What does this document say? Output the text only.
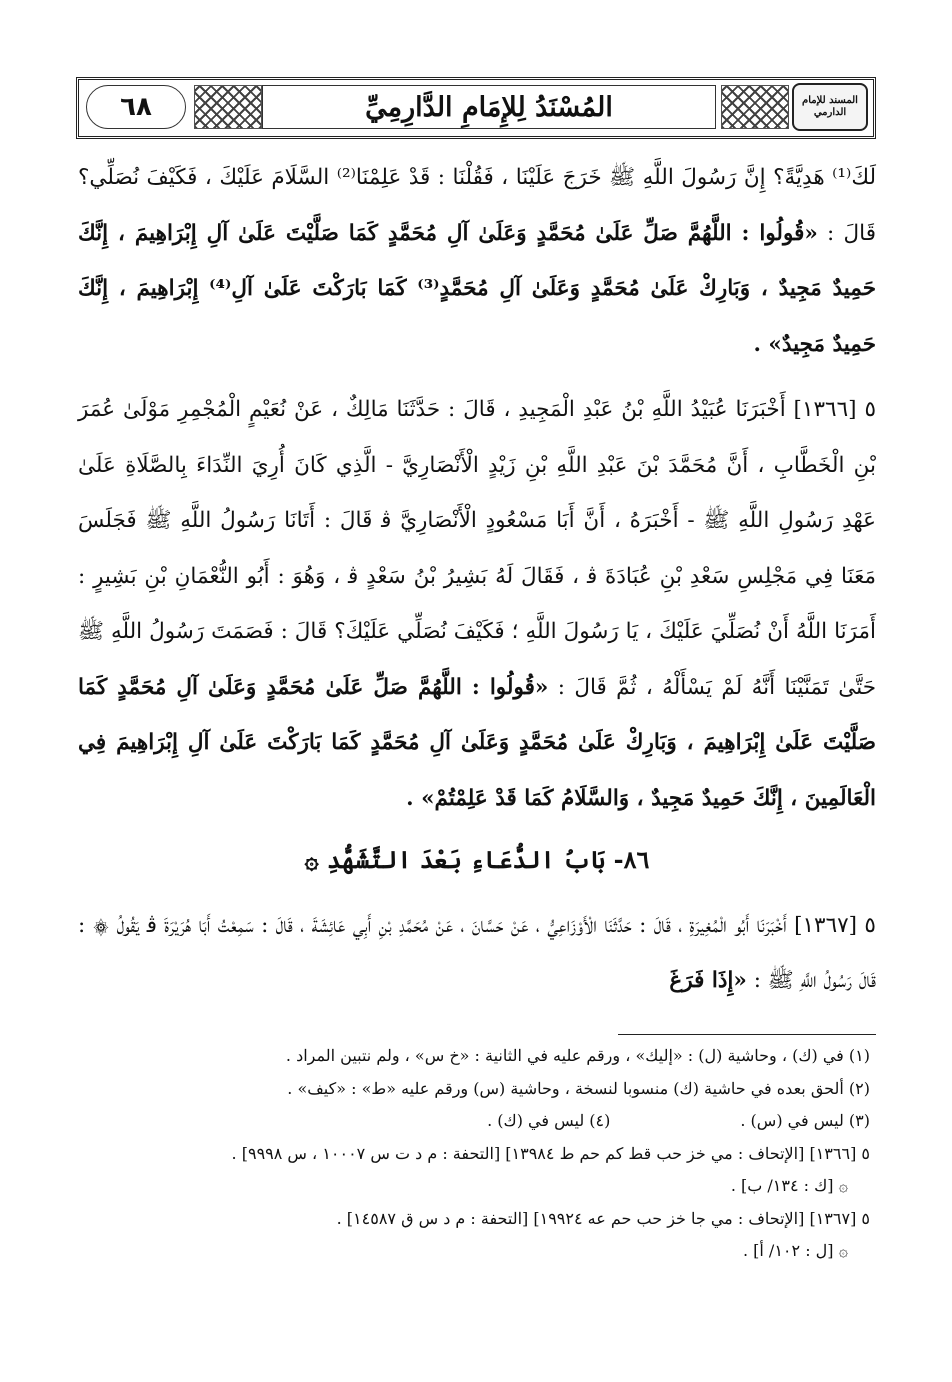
٦٨	المُسْنَدُ لِلإِمَامِ الدَّارِمِيِّ	المسند للإمام الدارمي

لَكَ⁽¹⁾ هَدِيَّةً؟ إِنَّ رَسُولَ اللَّهِ ﷺ خَرَجَ عَلَيْنَا ، فَقُلْنَا : قَدْ عَلِمْنَا⁽²⁾ السَّلَامَ عَلَيْكَ ، فَكَيْفَ نُصَلِّي؟ قَالَ : «قُولُوا : اللَّهُمَّ صَلِّ عَلَىٰ مُحَمَّدٍ وَعَلَىٰ آلِ مُحَمَّدٍ كَمَا صَلَّيْتَ عَلَىٰ آلِ إِبْرَاهِيمَ ، إِنَّكَ حَمِيدٌ مَجِيدٌ ، وَبَارِكْ عَلَىٰ مُحَمَّدٍ وَعَلَىٰ آلِ مُحَمَّدٍ⁽³⁾ كَمَا بَارَكْتَ عَلَىٰ آلِ⁽⁴⁾ إِبْرَاهِيمَ ، إِنَّكَ حَمِيدٌ مَجِيدٌ» .

٥ [١٣٦٦] أَخْبَرَنَا عُبَيْدُ اللَّهِ بْنُ عَبْدِ الْمَجِيدِ ، قَالَ : حَدَّثَنَا مَالِكٌ ، عَنْ نُعَيْمٍ الْمُجْمِرِ مَوْلَىٰ عُمَرَ بْنِ الْخَطَّابِ ، أَنَّ مُحَمَّدَ بْنَ عَبْدِ اللَّهِ بْنِ زَيْدٍ الْأَنْصَارِيَّ - الَّذِي كَانَ أُرِيَ النِّدَاءَ بِالصَّلَاةِ عَلَىٰ عَهْدِ رَسُولِ اللَّهِ ﷺ - أَخْبَرَهُ ، أَنَّ أَبَا مَسْعُودٍ الْأَنْصَارِيَّ ﭬ قَالَ : أَتَانَا رَسُولُ اللَّهِ ﷺ فَجَلَسَ مَعَنَا فِي مَجْلِسِ سَعْدِ بْنِ عُبَادَةَ ﭬ ، فَقَالَ لَهُ بَشِيرُ بْنُ سَعْدٍ ﭬ ، وَهُوَ : أَبُو النُّعْمَانِ بْنِ بَشِيرٍ : أَمَرَنَا اللَّهُ أَنْ نُصَلِّيَ عَلَيْكَ ، يَا رَسُولَ اللَّهِ ؛ فَكَيْفَ نُصَلِّي عَلَيْكَ؟ قَالَ : فَصَمَتَ رَسُولُ اللَّهِ ﷺ حَتَّىٰ تَمَنَّيْنَا أَنَّهُ لَمْ يَسْأَلْهُ ، ثُمَّ قَالَ : «قُولُوا : اللَّهُمَّ صَلِّ عَلَىٰ مُحَمَّدٍ وَعَلَىٰ آلِ مُحَمَّدٍ كَمَا صَلَّيْتَ عَلَىٰ إِبْرَاهِيمَ ، وَبَارِكْ عَلَىٰ مُحَمَّدٍ وَعَلَىٰ آلِ مُحَمَّدٍ كَمَا بَارَكْتَ عَلَىٰ آلِ إِبْرَاهِيمَ فِي الْعَالَمِينَ ، إِنَّكَ حَمِيدٌ مَجِيدٌ ، وَالسَّلَامُ كَمَا قَدْ عَلِمْتُمْ» .

٨٦- بَابُ الدُّعَاءِ بَعْدَ التَّشَهُّدِ ۞

٥ [١٣٦٧] أَخْبَرَنَا أَبُو الْمُغِيرَةِ ، قَالَ : حَدَّثَنَا الْأَوْزَاعِيُّ ، عَنْ حَسَّانَ ، عَنْ مُحَمَّدِ بْنِ أَبِي عَائِشَةَ ، قَالَ : سَمِعْتُ أَبَا هُرَيْرَةَ ﭬ يَقُولُ ۞ : قَالَ رَسُولُ اللَّهِ ﷺ : «إِذَا فَرَغَ

(١) في (ك) ، وحاشية (ل) : «إليك» ، ورقم عليه في الثانية : «خ س» ، ولم نتبين المراد .
(٢) ألحق بعده في حاشية (ك) منسوبا لنسخة ، وحاشية (س) ورقم عليه «ط» : «كيف» .
(٣) ليس في (س) .
(٤) ليس في (ك) .
٥ [١٣٦٦] [الإتحاف : مي خز حب قط كم حم ط ١٣٩٨٤] [التحفة : م د ت س ١٠٠٠٧ ، س ٩٩٩٨] .
۞ [ك : ١٣٤/ ب] .
٥ [١٣٦٧] [الإتحاف : مي جا خز حب حم عه ١٩٩٢٤] [التحفة : م د س ق ١٤٥٨٧] .
۞ [ل : ١٠٢/ أ] .
